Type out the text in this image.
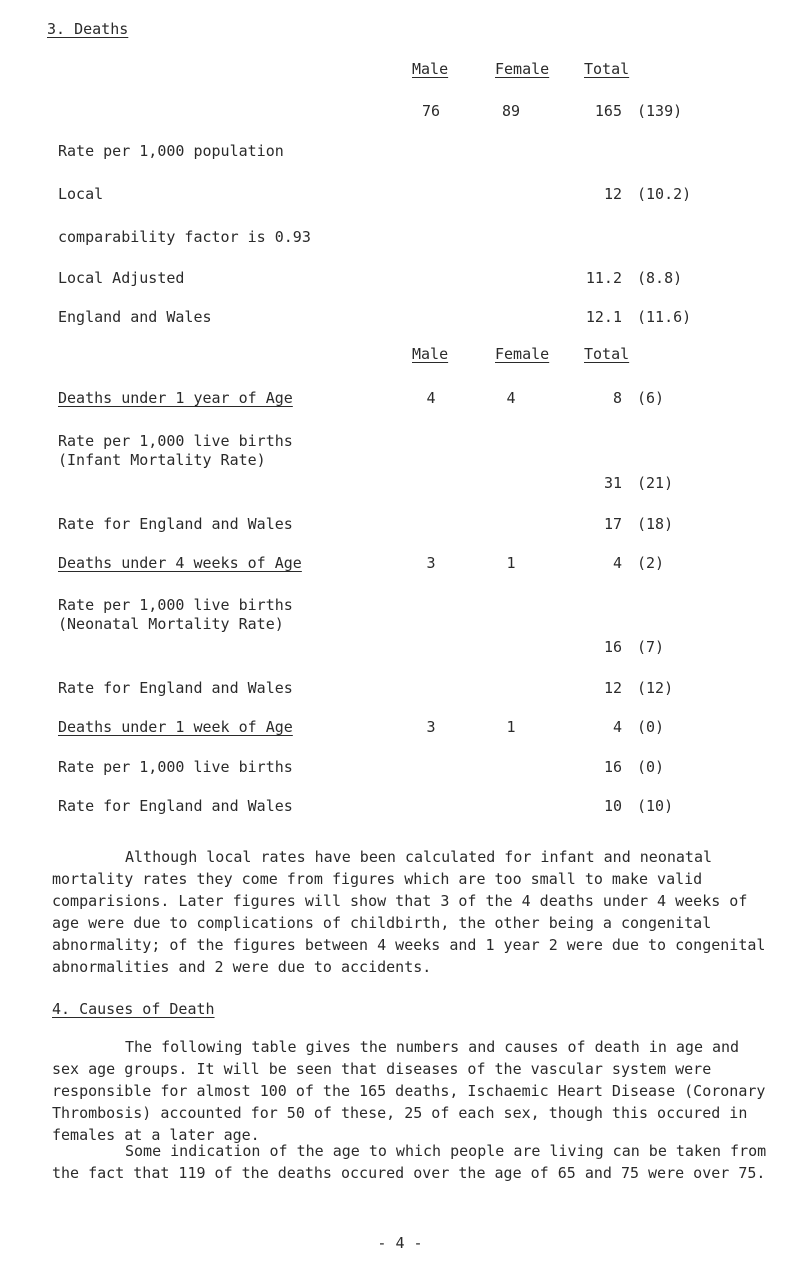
3. Deaths
Male	Female Total
76	89	165 (139)
Rate per 1,000 population
Local	12 (10.2)
comparability factor is 0.93
Local Adjusted	11.2 (8.8)
England and Wales	12.1 (11.6)
Male	Female Total
Deaths under 1 year of Age	4	4	8 (6)
Rate per 1,000 live births
(Infant Mortality Rate)
31 (21)
Rate for England and Wales	17 (18)
Deaths under 4 weeks of Age	3	1	4 (2)
Rate per 1,000 live births
(Neonatal Mortality Rate)
16 (7)
Rate for England and Wales	12 (12)
Deaths under 1 week of Age	3	1	4 (0)
Rate per 1,000 live births	16 (0)
Rate for England and Wales	10 (10)
Although local rates have been calculated for infant and neonatal mortality rates they come from figures which are too small to make valid comparisions. Later figures will show that 3 of the 4 deaths under 4 weeks of age were due to complications of childbirth, the other being a congenital abnormality; of the figures between 4 weeks and 1 year 2 were due to congenital abnormalities and 2 were due to accidents.
4. Causes of Death
The following table gives the numbers and causes of death in age and sex age groups. It will be seen that diseases of the vascular system were responsible for almost 100 of the 165 deaths, Ischaemic Heart Disease (Coronary Thrombosis) accounted for 50 of these, 25 of each sex, though this occured in females at a later age.
Some indication of the age to which people are living can be taken from the fact that 119 of the deaths occured over the age of 65 and 75 were over 75.
- 4 -
